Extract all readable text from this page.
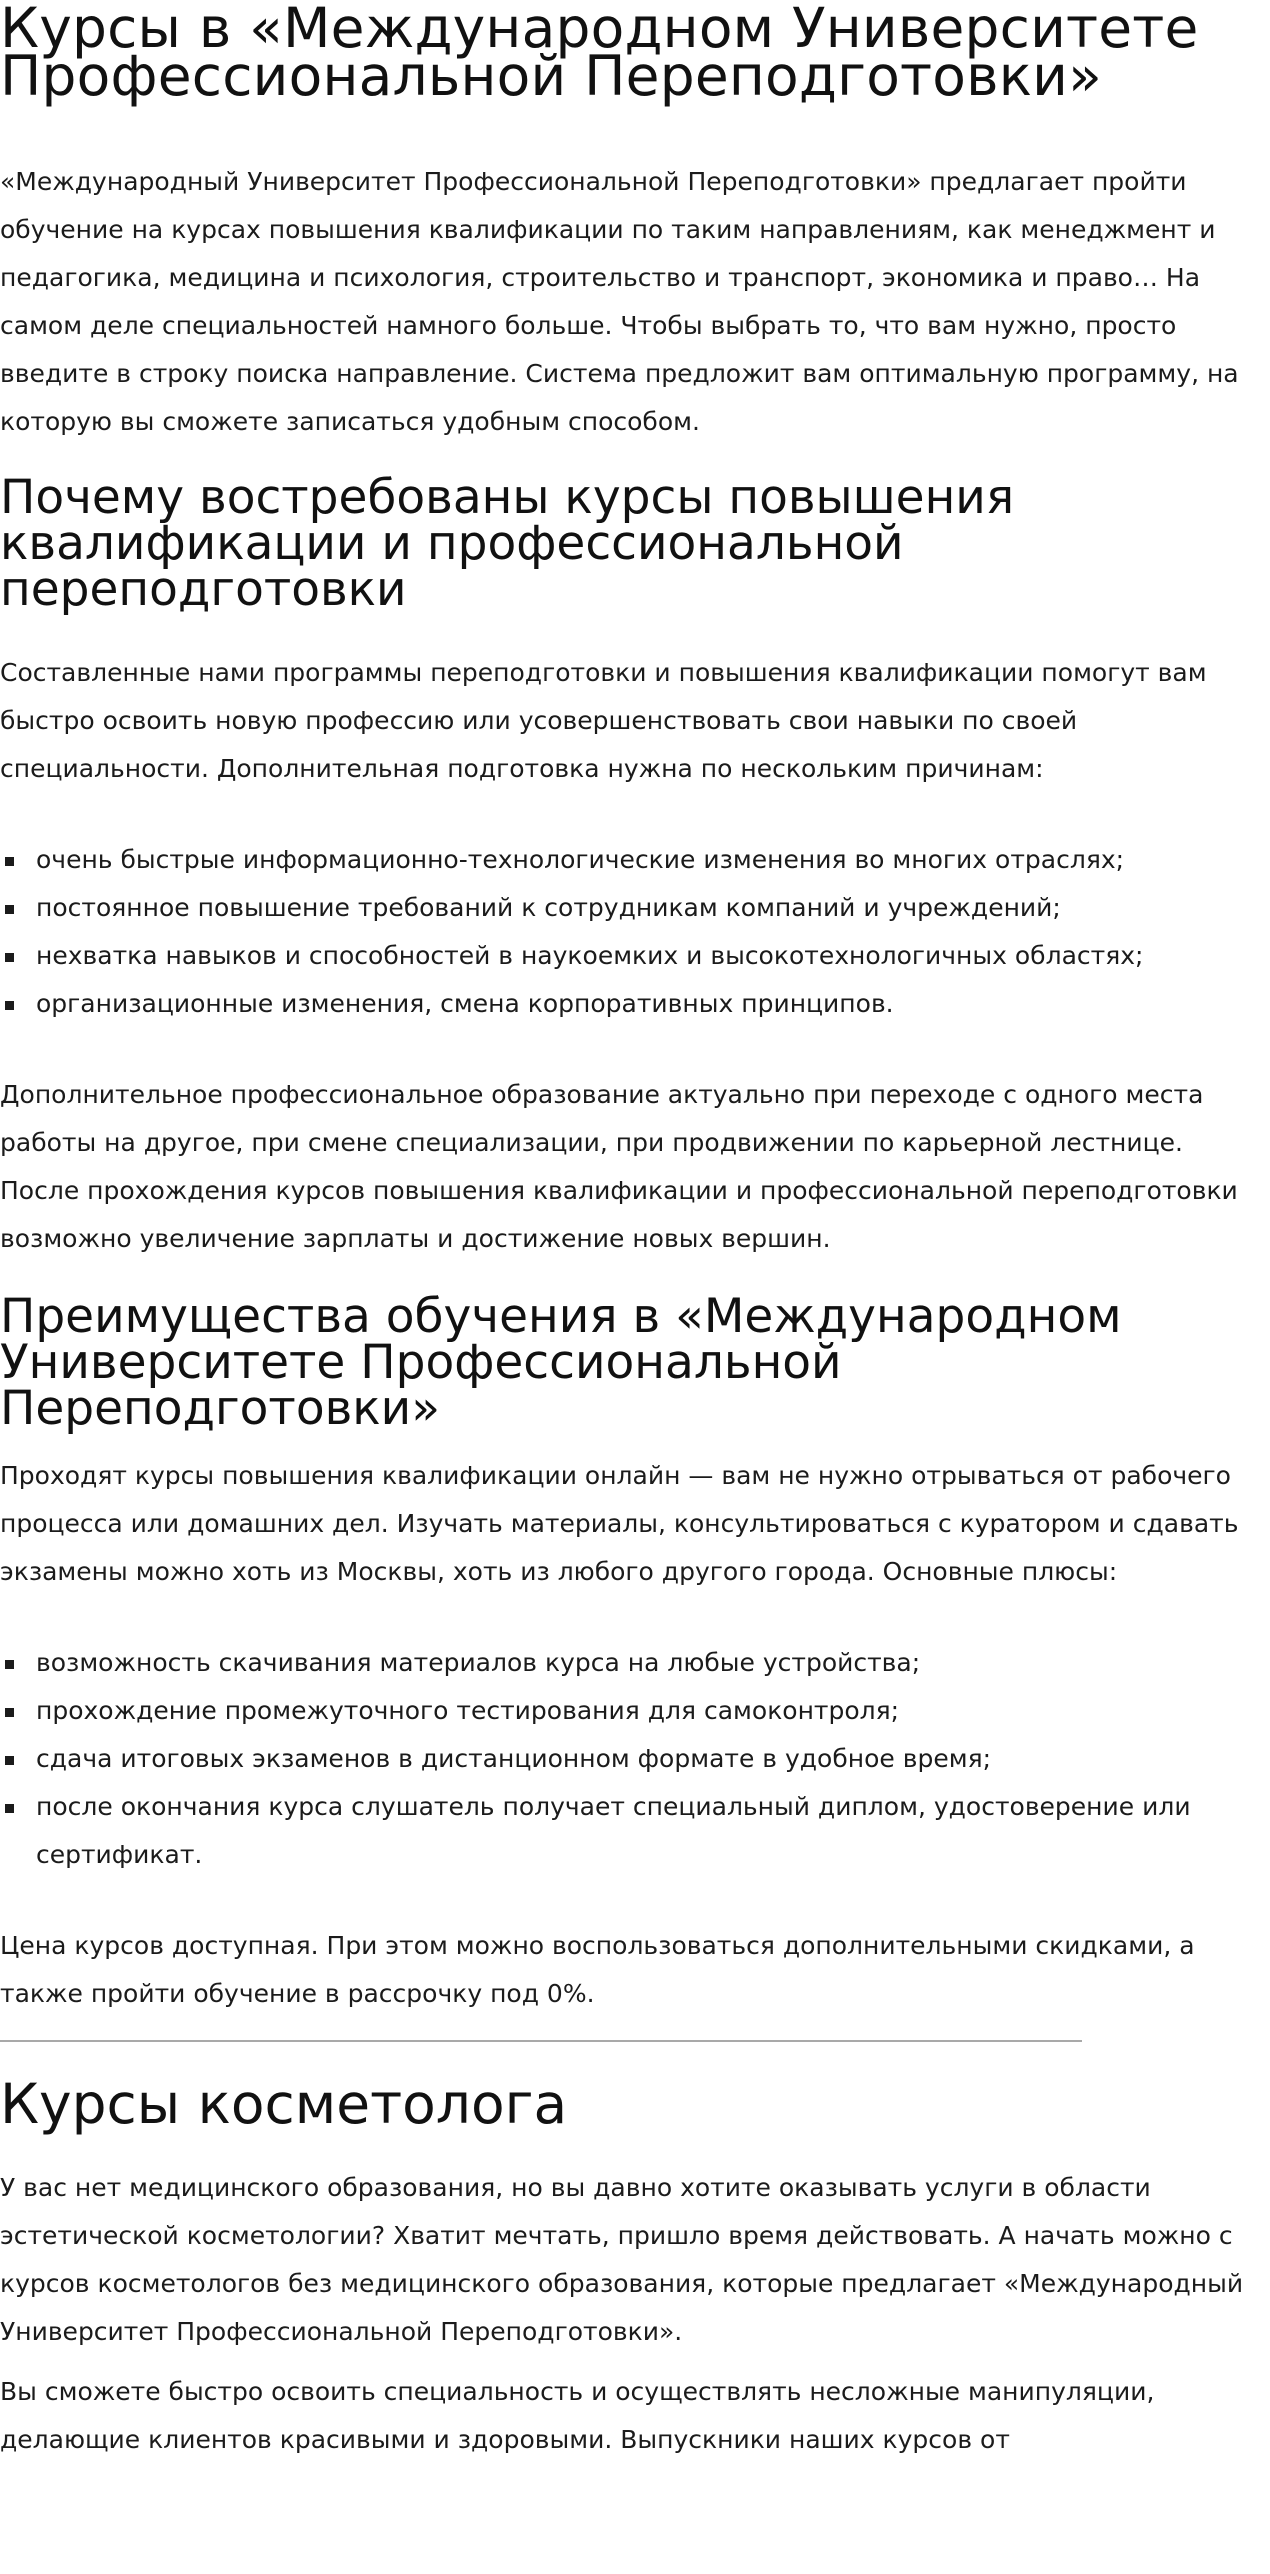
Курсы в «Международном Университете Профессиональной Переподготовки»

«Международный Университет Профессиональной Переподготовки» предлагает пройти обучение на курсах повышения квалификации по таким направлениям, как менеджмент и педагогика, медицина и психология, строительство и транспорт, экономика и право… На самом деле специальностей намного больше. Чтобы выбрать то, что вам нужно, просто введите в строку поиска направление. Система предложит вам оптимальную программу, на которую вы сможете записаться удобным способом.

Почему востребованы курсы повышения квалификации и профессиональной переподготовки

Составленные нами программы переподготовки и повышения квалификации помогут вам быстро освоить новую профессию или усовершенствовать свои навыки по своей специальности. Дополнительная подготовка нужна по нескольким причинам:

очень быстрые информационно-технологические изменения во многих отраслях;
постоянное повышение требований к сотрудникам компаний и учреждений;
нехватка навыков и способностей в наукоемких и высокотехнологичных областях;
организационные изменения, смена корпоративных принципов.

Дополнительное профессиональное образование актуально при переходе с одного места работы на другое, при смене специализации, при продвижении по карьерной лестнице. После прохождения курсов повышения квалификации и профессиональной переподготовки возможно увеличение зарплаты и достижение новых вершин.

Преимущества обучения в «Международном Университете Профессиональной Переподготовки»

Проходят курсы повышения квалификации онлайн — вам не нужно отрываться от рабочего процесса или домашних дел. Изучать материалы, консультироваться с куратором и сдавать экзамены можно хоть из Москвы, хоть из любого другого города. Основные плюсы:

возможность скачивания материалов курса на любые устройства;
прохождение промежуточного тестирования для самоконтроля;
сдача итоговых экзаменов в дистанционном формате в удобное время;
после окончания курса слушатель получает специальный диплом, удостоверение или сертификат.

Цена курсов доступная. При этом можно воспользоваться дополнительными скидками, а также пройти обучение в рассрочку под 0%.

Курсы косметолога

У вас нет медицинского образования, но вы давно хотите оказывать услуги в области эстетической косметологии? Хватит мечтать, пришло время действовать. А начать можно с курсов косметологов без медицинского образования, которые предлагает «Международный Университет Профессиональной Переподготовки».

Вы сможете быстро освоить специальность и осуществлять несложные манипуляции, делающие клиентов красивыми и здоровыми. Выпускники наших курсов от
